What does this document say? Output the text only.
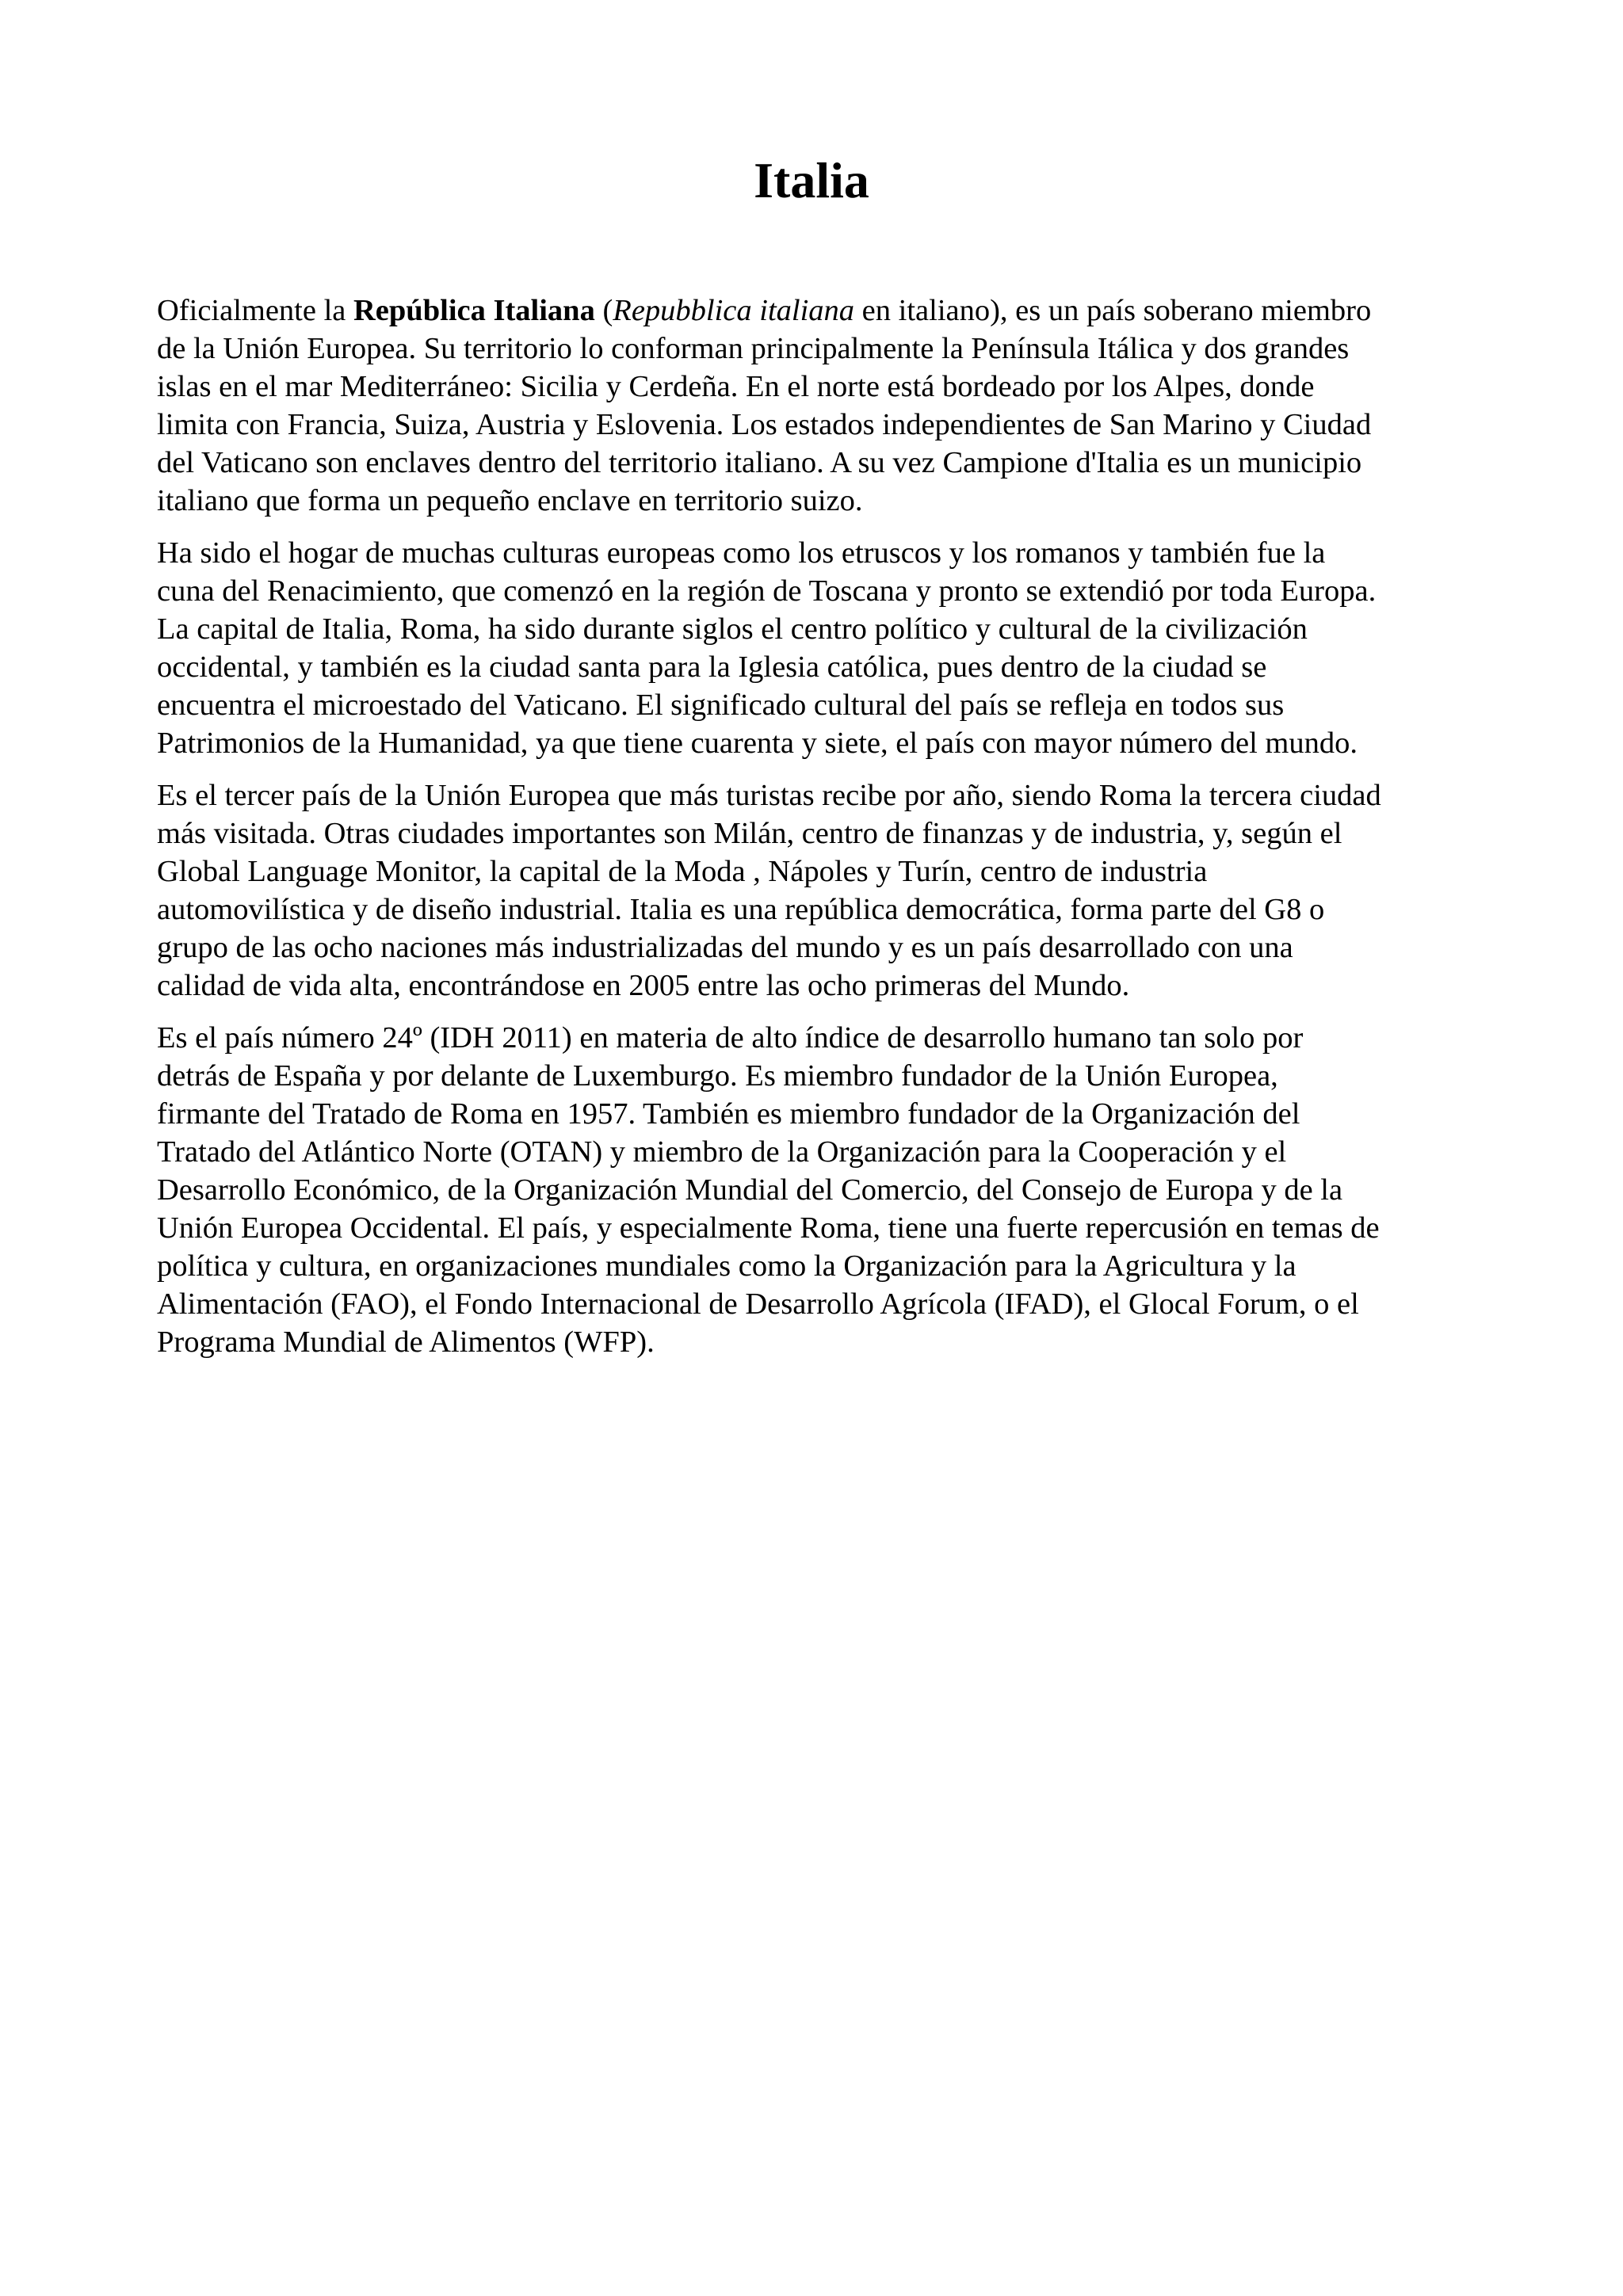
Italia

Oficialmente la República Italiana (Repubblica italiana en italiano), es un país soberano miembro
de la Unión Europea. Su territorio lo conforman principalmente la Península Itálica y dos grandes
islas en el mar Mediterráneo: Sicilia y Cerdeña. En el norte está bordeado por los Alpes, donde
limita con Francia, Suiza, Austria y Eslovenia. Los estados independientes de San Marino y Ciudad
del Vaticano son enclaves dentro del territorio italiano. A su vez Campione d'Italia es un municipio
italiano que forma un pequeño enclave en territorio suizo.

Ha sido el hogar de muchas culturas europeas como los etruscos y los romanos y también fue la
cuna del Renacimiento, que comenzó en la región de Toscana y pronto se extendió por toda Europa.
La capital de Italia, Roma, ha sido durante siglos el centro político y cultural de la civilización
occidental, y también es la ciudad santa para la Iglesia católica, pues dentro de la ciudad se
encuentra el microestado del Vaticano. El significado cultural del país se refleja en todos sus
Patrimonios de la Humanidad, ya que tiene cuarenta y siete, el país con mayor número del mundo.

Es el tercer país de la Unión Europea que más turistas recibe por año, siendo Roma la tercera ciudad
más visitada. Otras ciudades importantes son Milán, centro de finanzas y de industria, y, según el
Global Language Monitor, la capital de la Moda , Nápoles y Turín, centro de industria
automovilística y de diseño industrial. Italia es una república democrática, forma parte del G8 o
grupo de las ocho naciones más industrializadas del mundo y es un país desarrollado con una
calidad de vida alta, encontrándose en 2005 entre las ocho primeras del Mundo.

Es el país número 24º (IDH 2011) en materia de alto índice de desarrollo humano tan solo por
detrás de España y por delante de Luxemburgo. Es miembro fundador de la Unión Europea,
firmante del Tratado de Roma en 1957. También es miembro fundador de la Organización del
Tratado del Atlántico Norte (OTAN) y miembro de la Organización para la Cooperación y el
Desarrollo Económico, de la Organización Mundial del Comercio, del Consejo de Europa y de la
Unión Europea Occidental. El país, y especialmente Roma, tiene una fuerte repercusión en temas de
política y cultura, en organizaciones mundiales como la Organización para la Agricultura y la
Alimentación (FAO), el Fondo Internacional de Desarrollo Agrícola (IFAD), el Glocal Forum, o el
Programa Mundial de Alimentos (WFP).
